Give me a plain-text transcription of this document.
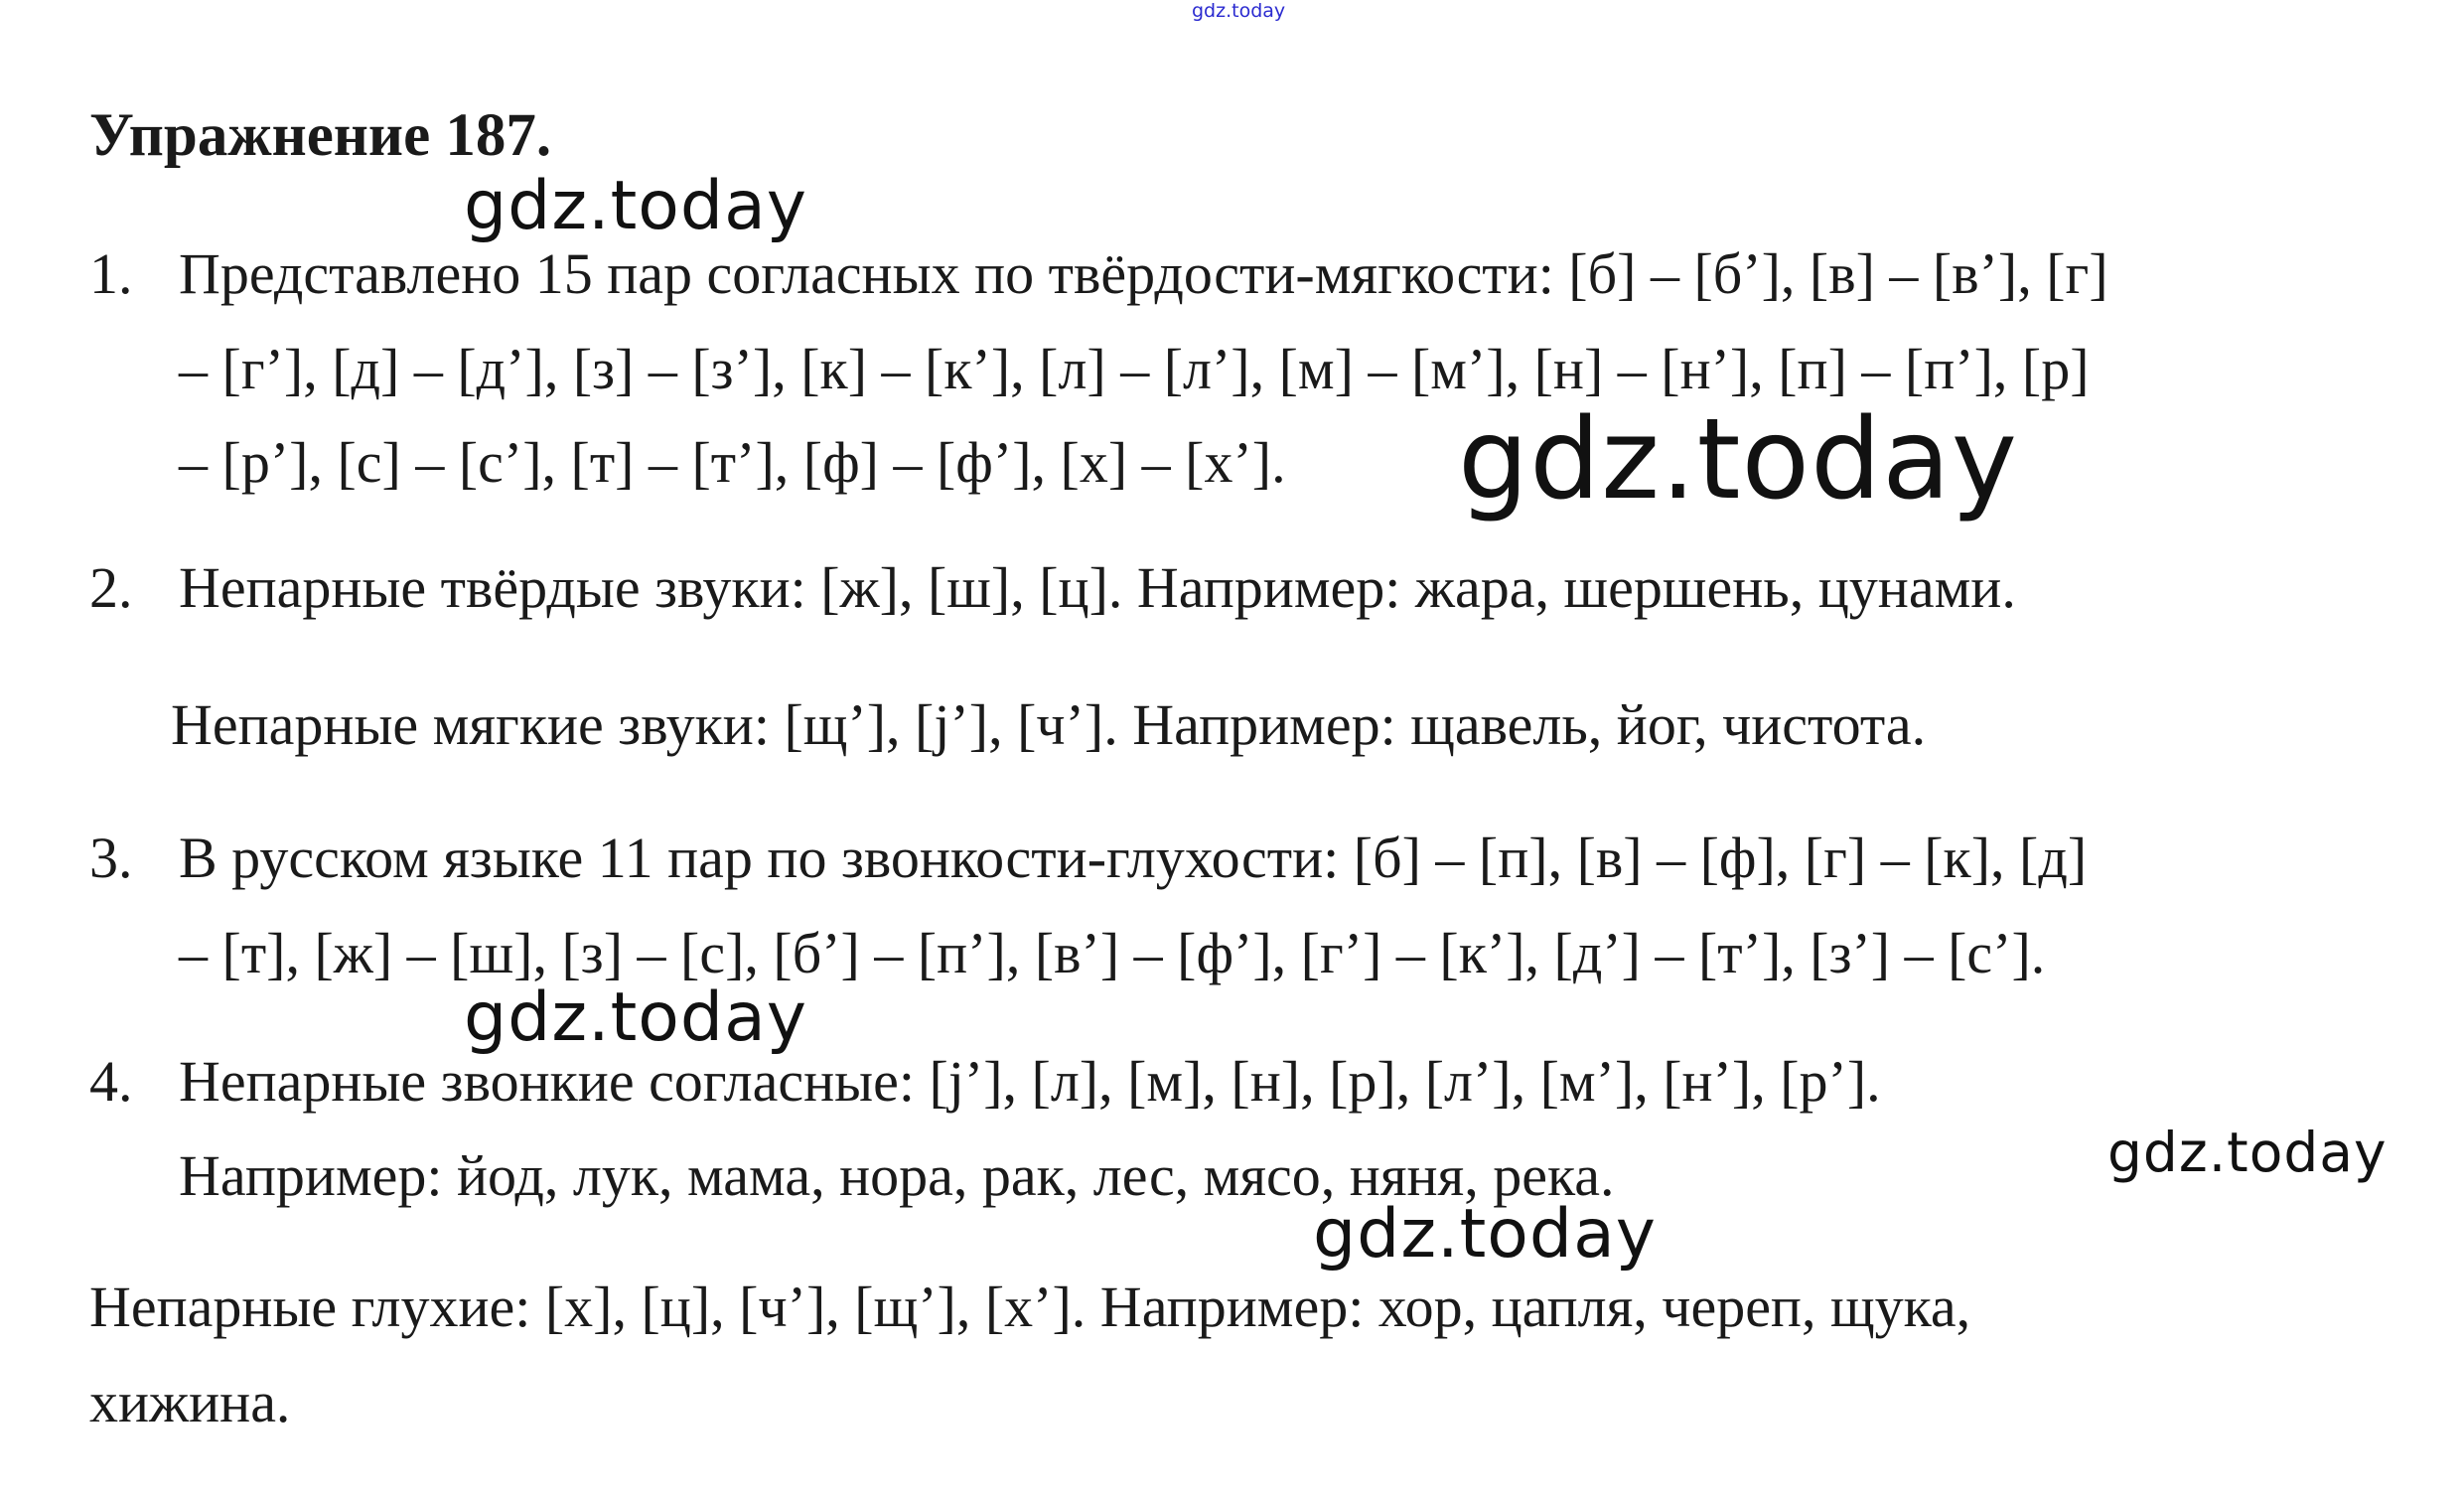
gdz.today
Упражнение 187.
1. Представлено 15 пар согласных по твёрдости-мягкости: [б] – [б’], [в] – [в’], [г]
– [г’], [д] – [д’], [з] – [з’], [к] – [к’], [л] – [л’], [м] – [м’], [н] – [н’], [п] – [п’], [р]
– [р’], [с] – [с’], [т] – [т’], [ф] – [ф’], [х] – [х’].
2. Непарные твёрдые звуки: [ж], [ш], [ц]. Например: жара, шершень, цунами.
Непарные мягкие звуки: [щ’], [j’], [ч’]. Например: щавель, йог, чистота.
3. В русском языке 11 пар по звонкости-глухости: [б] – [п], [в] – [ф], [г] – [к], [д]
– [т], [ж] – [ш], [з] – [с], [б’] – [п’], [в’] – [ф’], [г’] – [к’], [д’] – [т’], [з’] – [с’].
4. Непарные звонкие согласные: [j’], [л], [м], [н], [р], [л’], [м’], [н’], [р’].
Например: йод, лук, мама, нора, рак, лес, мясо, няня, река.
Непарные глухие: [х], [ц], [ч’], [щ’], [х’]. Например: хор, цапля, череп, щука,
хижина.
gdz.today
gdz.today
gdz.today
gdz.today
gdz.today
